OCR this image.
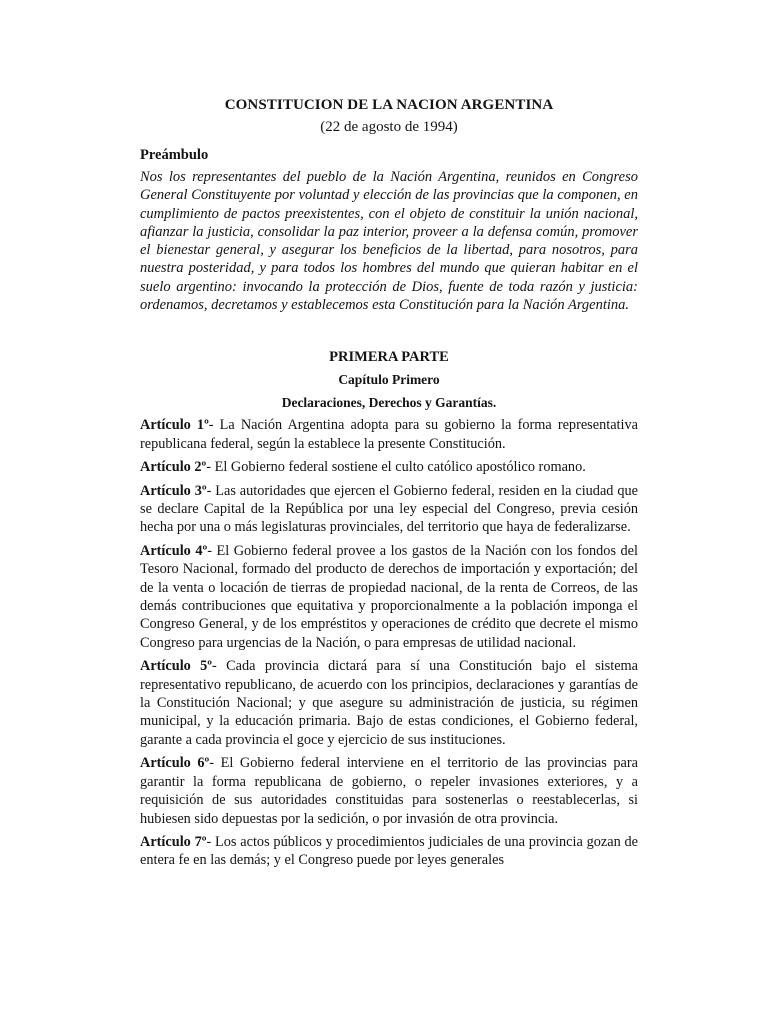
CONSTITUCION DE LA NACION ARGENTINA

(22 de agosto de 1994)

Preámbulo

Nos los representantes del pueblo de la Nación Argentina, reunidos en Congreso General Constituyente por voluntad y elección de las provincias que la componen, en cumplimiento de pactos preexistentes, con el objeto de constituir la unión nacional, afianzar la justicia, consolidar la paz interior, proveer a la defensa común, promover el bienestar general, y asegurar los beneficios de la libertad, para nosotros, para nuestra posteridad, y para todos los hombres del mundo que quieran habitar en el suelo argentino: invocando la protección de Dios, fuente de toda razón y justicia: ordenamos, decretamos y establecemos esta Constitución para la Nación Argentina.

PRIMERA PARTE

Capítulo Primero

Declaraciones, Derechos y Garantías.

Artículo 1º- La Nación Argentina adopta para su gobierno la forma representativa republicana federal, según la establece la presente Constitución.

Artículo 2º- El Gobierno federal sostiene el culto católico apostólico romano.

Artículo 3º- Las autoridades que ejercen el Gobierno federal, residen en la ciudad que se declare Capital de la República por una ley especial del Congreso, previa cesión hecha por una o más legislaturas provinciales, del territorio que haya de federalizarse.

Artículo 4º- El Gobierno federal provee a los gastos de la Nación con los fondos del Tesoro Nacional, formado del producto de derechos de importación y exportación; del de la venta o locación de tierras de propiedad nacional, de la renta de Correos, de las demás contribuciones que equitativa y proporcionalmente a la población imponga el Congreso General, y de los empréstitos y operaciones de crédito que decrete el mismo Congreso para urgencias de la Nación, o para empresas de utilidad nacional.

Artículo 5º- Cada provincia dictará para sí una Constitución bajo el sistema representativo republicano, de acuerdo con los principios, declaraciones y garantías de la Constitución Nacional; y que asegure su administración de justicia, su régimen municipal, y la educación primaria. Bajo de estas condiciones, el Gobierno federal, garante a cada provincia el goce y ejercicio de sus instituciones.

Artículo 6º- El Gobierno federal interviene en el territorio de las provincias para garantir la forma republicana de gobierno, o repeler invasiones exteriores, y a requisición de sus autoridades constituidas para sostenerlas o reestablecerlas, si hubiesen sido depuestas por la sedición, o por invasión de otra provincia.

Artículo 7º- Los actos públicos y procedimientos judiciales de una provincia gozan de entera fe en las demás; y el Congreso puede por leyes generales
